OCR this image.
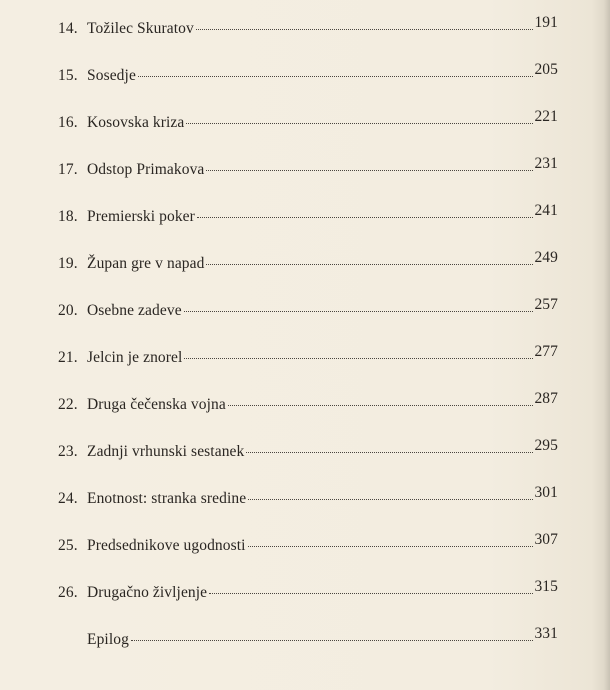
14. Tožilec Skuratov	191
15. Sosedje	205
16. Kosovska kriza	221
17. Odstop Primakova	231
18. Premierski poker	241
19. Župan gre v napad	249
20. Osebne zadeve	257
21. Jelcin je znorel	277
22. Druga čečenska vojna	287
23. Zadnji vrhunski sestanek	295
24. Enotnost: stranka sredine	301
25. Predsednikove ugodnosti	307
26. Drugačno življenje	315
Epilog	331
